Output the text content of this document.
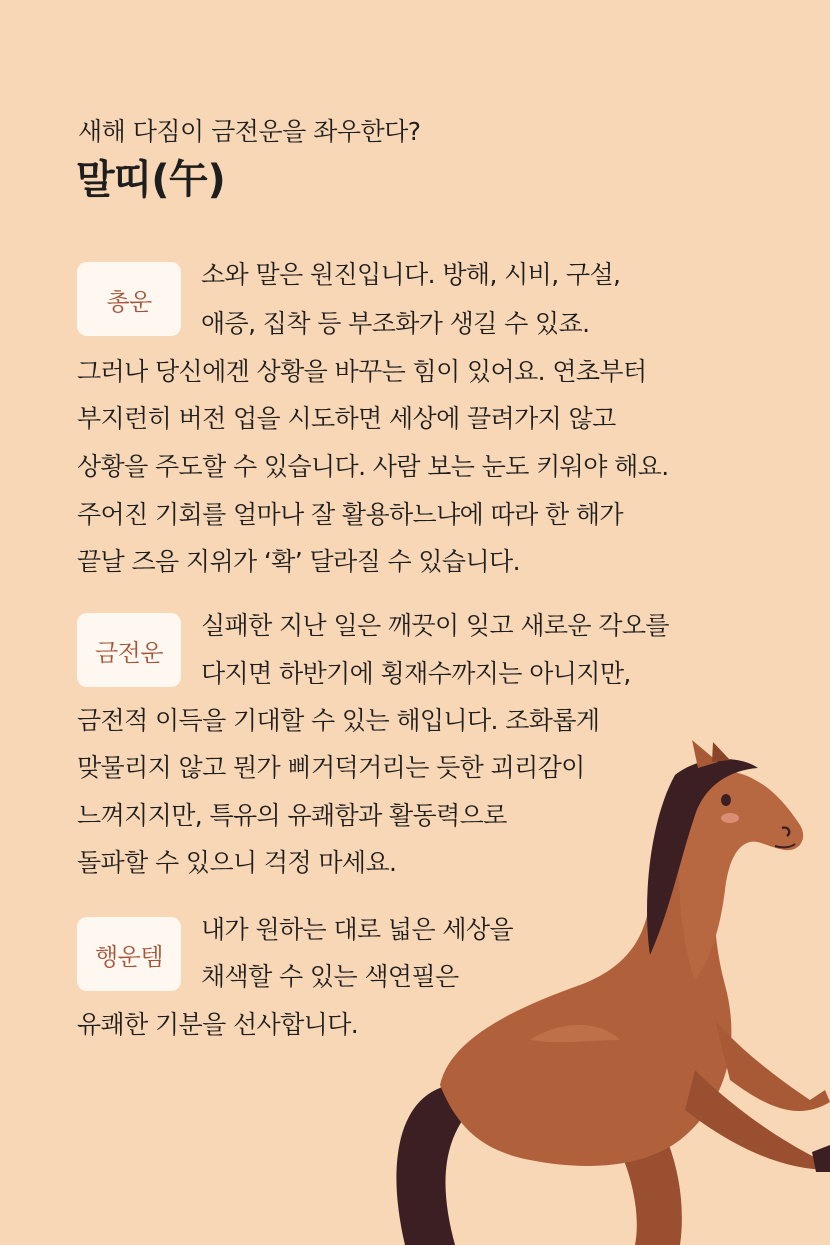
새해 다짐이 금전운을 좌우한다?
말띠(午)
총운
소와 말은 원진입니다. 방해, 시비, 구설,
애증, 집착 등 부조화가 생길 수 있죠.
그러나 당신에겐 상황을 바꾸는 힘이 있어요. 연초부터
부지런히 버전 업을 시도하면 세상에 끌려가지 않고
상황을 주도할 수 있습니다. 사람 보는 눈도 키워야 해요.
주어진 기회를 얼마나 잘 활용하느냐에 따라 한 해가
끝날 즈음 지위가 ‘확’ 달라질 수 있습니다.
금전운
실패한 지난 일은 깨끗이 잊고 새로운 각오를
다지면 하반기에 횡재수까지는 아니지만,
금전적 이득을 기대할 수 있는 해입니다. 조화롭게
맞물리지 않고 뭔가 삐거덕거리는 듯한 괴리감이
느껴지지만, 특유의 유쾌함과 활동력으로
돌파할 수 있으니 걱정 마세요.
행운템
내가 원하는 대로 넓은 세상을
채색할 수 있는 색연필은
유쾌한 기분을 선사합니다.
